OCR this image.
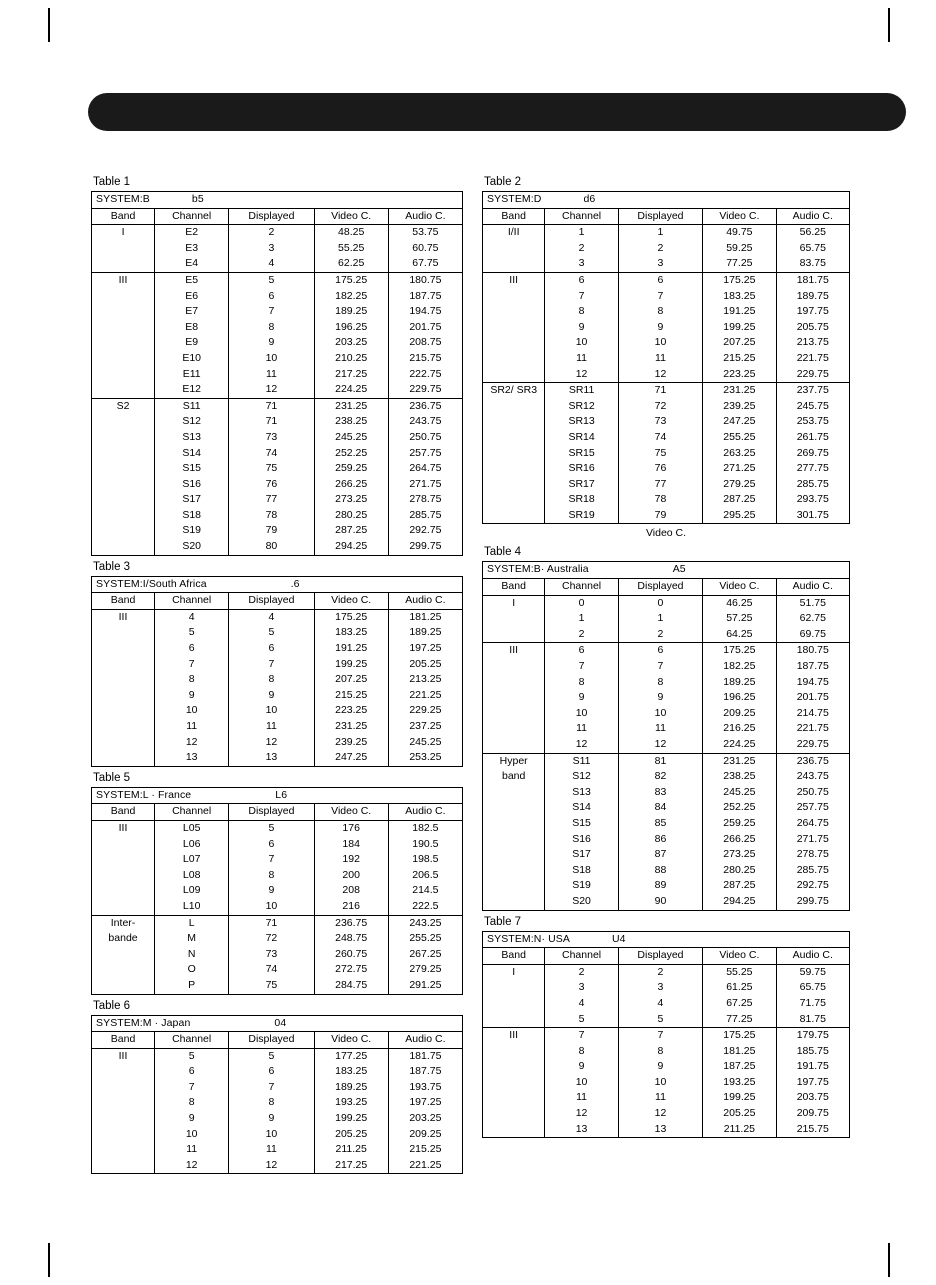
Table 1
SYSTEM:B b5				
Band	Channel	Displayed	Video C.	Audio C.
I	E2	2	48.25	53.75
	E3	3	55.25	60.75
	E4	4	62.25	67.75
III	E5	5	175.25	180.75
	E6	6	182.25	187.75
	E7	7	189.25	194.75
	E8	8	196.25	201.75
	E9	9	203.25	208.75
	E10	10	210.25	215.75
	E11	11	217.25	222.75
	E12	12	224.25	229.75
S2	S11	71	231.25	236.75
	S12	71	238.25	243.75
	S13	73	245.25	250.75
	S14	74	252.25	257.75
	S15	75	259.25	264.75
	S16	76	266.25	271.75
	S17	77	273.25	278.75
	S18	78	280.25	285.75
	S19	79	287.25	292.75
	S20	80	294.25	299.75
Table 3
SYSTEM:I/South Africa .6				
Band	Channel	Displayed	Video C.	Audio C.
III	4	4	175.25	181.25
	5	5	183.25	189.25
	6	6	191.25	197.25
	7	7	199.25	205.25
	8	8	207.25	213.25
	9	9	215.25	221.25
	10	10	223.25	229.25
	11	11	231.25	237.25
	12	12	239.25	245.25
	13	13	247.25	253.25
Table 5
SYSTEM:L · France L6				
Band	Channel	Displayed	Video C.	Audio C.
III	L05	5	176	182.5
	L06	6	184	190.5
	L07	7	192	198.5
	L08	8	200	206.5
	L09	9	208	214.5
	L10	10	216	222.5
Inter-	L	71	236.75	243.25
bande	M	72	248.75	255.25
	N	73	260.75	267.25
	O	74	272.75	279.25
	P	75	284.75	291.25
Table 6
SYSTEM:M · Japan 04				
Band	Channel	Displayed	Video C.	Audio C.
III	5	5	177.25	181.75
	6	6	183.25	187.75
	7	7	189.25	193.75
	8	8	193.25	197.25
	9	9	199.25	203.25
	10	10	205.25	209.25
	11	11	211.25	215.25
	12	12	217.25	221.25
Table 2
SYSTEM:D d6				
Band	Channel	Displayed	Video C.	Audio C.
I/II	1	1	49.75	56.25
	2	2	59.25	65.75
	3	3	77.25	83.75
III	6	6	175.25	181.75
	7	7	183.25	189.75
	8	8	191.25	197.75
	9	9	199.25	205.75
	10	10	207.25	213.75
	11	11	215.25	221.75
	12	12	223.25	229.75
SR2/ SR3	SR11	71	231.25	237.75
	SR12	72	239.25	245.75
	SR13	73	247.25	253.75
	SR14	74	255.25	261.75
	SR15	75	263.25	269.75
	SR16	76	271.25	277.75
	SR17	77	279.25	285.75
	SR18	78	287.25	293.75
	SR19	79	295.25	301.75
Video C.
Table 4
SYSTEM:B· Australia A5				
Band	Channel	Displayed	Video C.	Audio C.
I	0	0	46.25	51.75
	1	1	57.25	62.75
	2	2	64.25	69.75
III	6	6	175.25	180.75
	7	7	182.25	187.75
	8	8	189.25	194.75
	9	9	196.25	201.75
	10	10	209.25	214.75
	11	11	216.25	221.75
	12	12	224.25	229.75
Hyper	S11	81	231.25	236.75
band	S12	82	238.25	243.75
	S13	83	245.25	250.75
	S14	84	252.25	257.75
	S15	85	259.25	264.75
	S16	86	266.25	271.75
	S17	87	273.25	278.75
	S18	88	280.25	285.75
	S19	89	287.25	292.75
	S20	90	294.25	299.75
Table 7
SYSTEM:N· USA U4				
Band	Channel	Displayed	Video C.	Audio C.
I	2	2	55.25	59.75
	3	3	61.25	65.75
	4	4	67.25	71.75
	5	5	77.25	81.75
III	7	7	175.25	179.75
	8	8	181.25	185.75
	9	9	187.25	191.75
	10	10	193.25	197.75
	11	11	199.25	203.75
	12	12	205.25	209.75
	13	13	211.25	215.75
